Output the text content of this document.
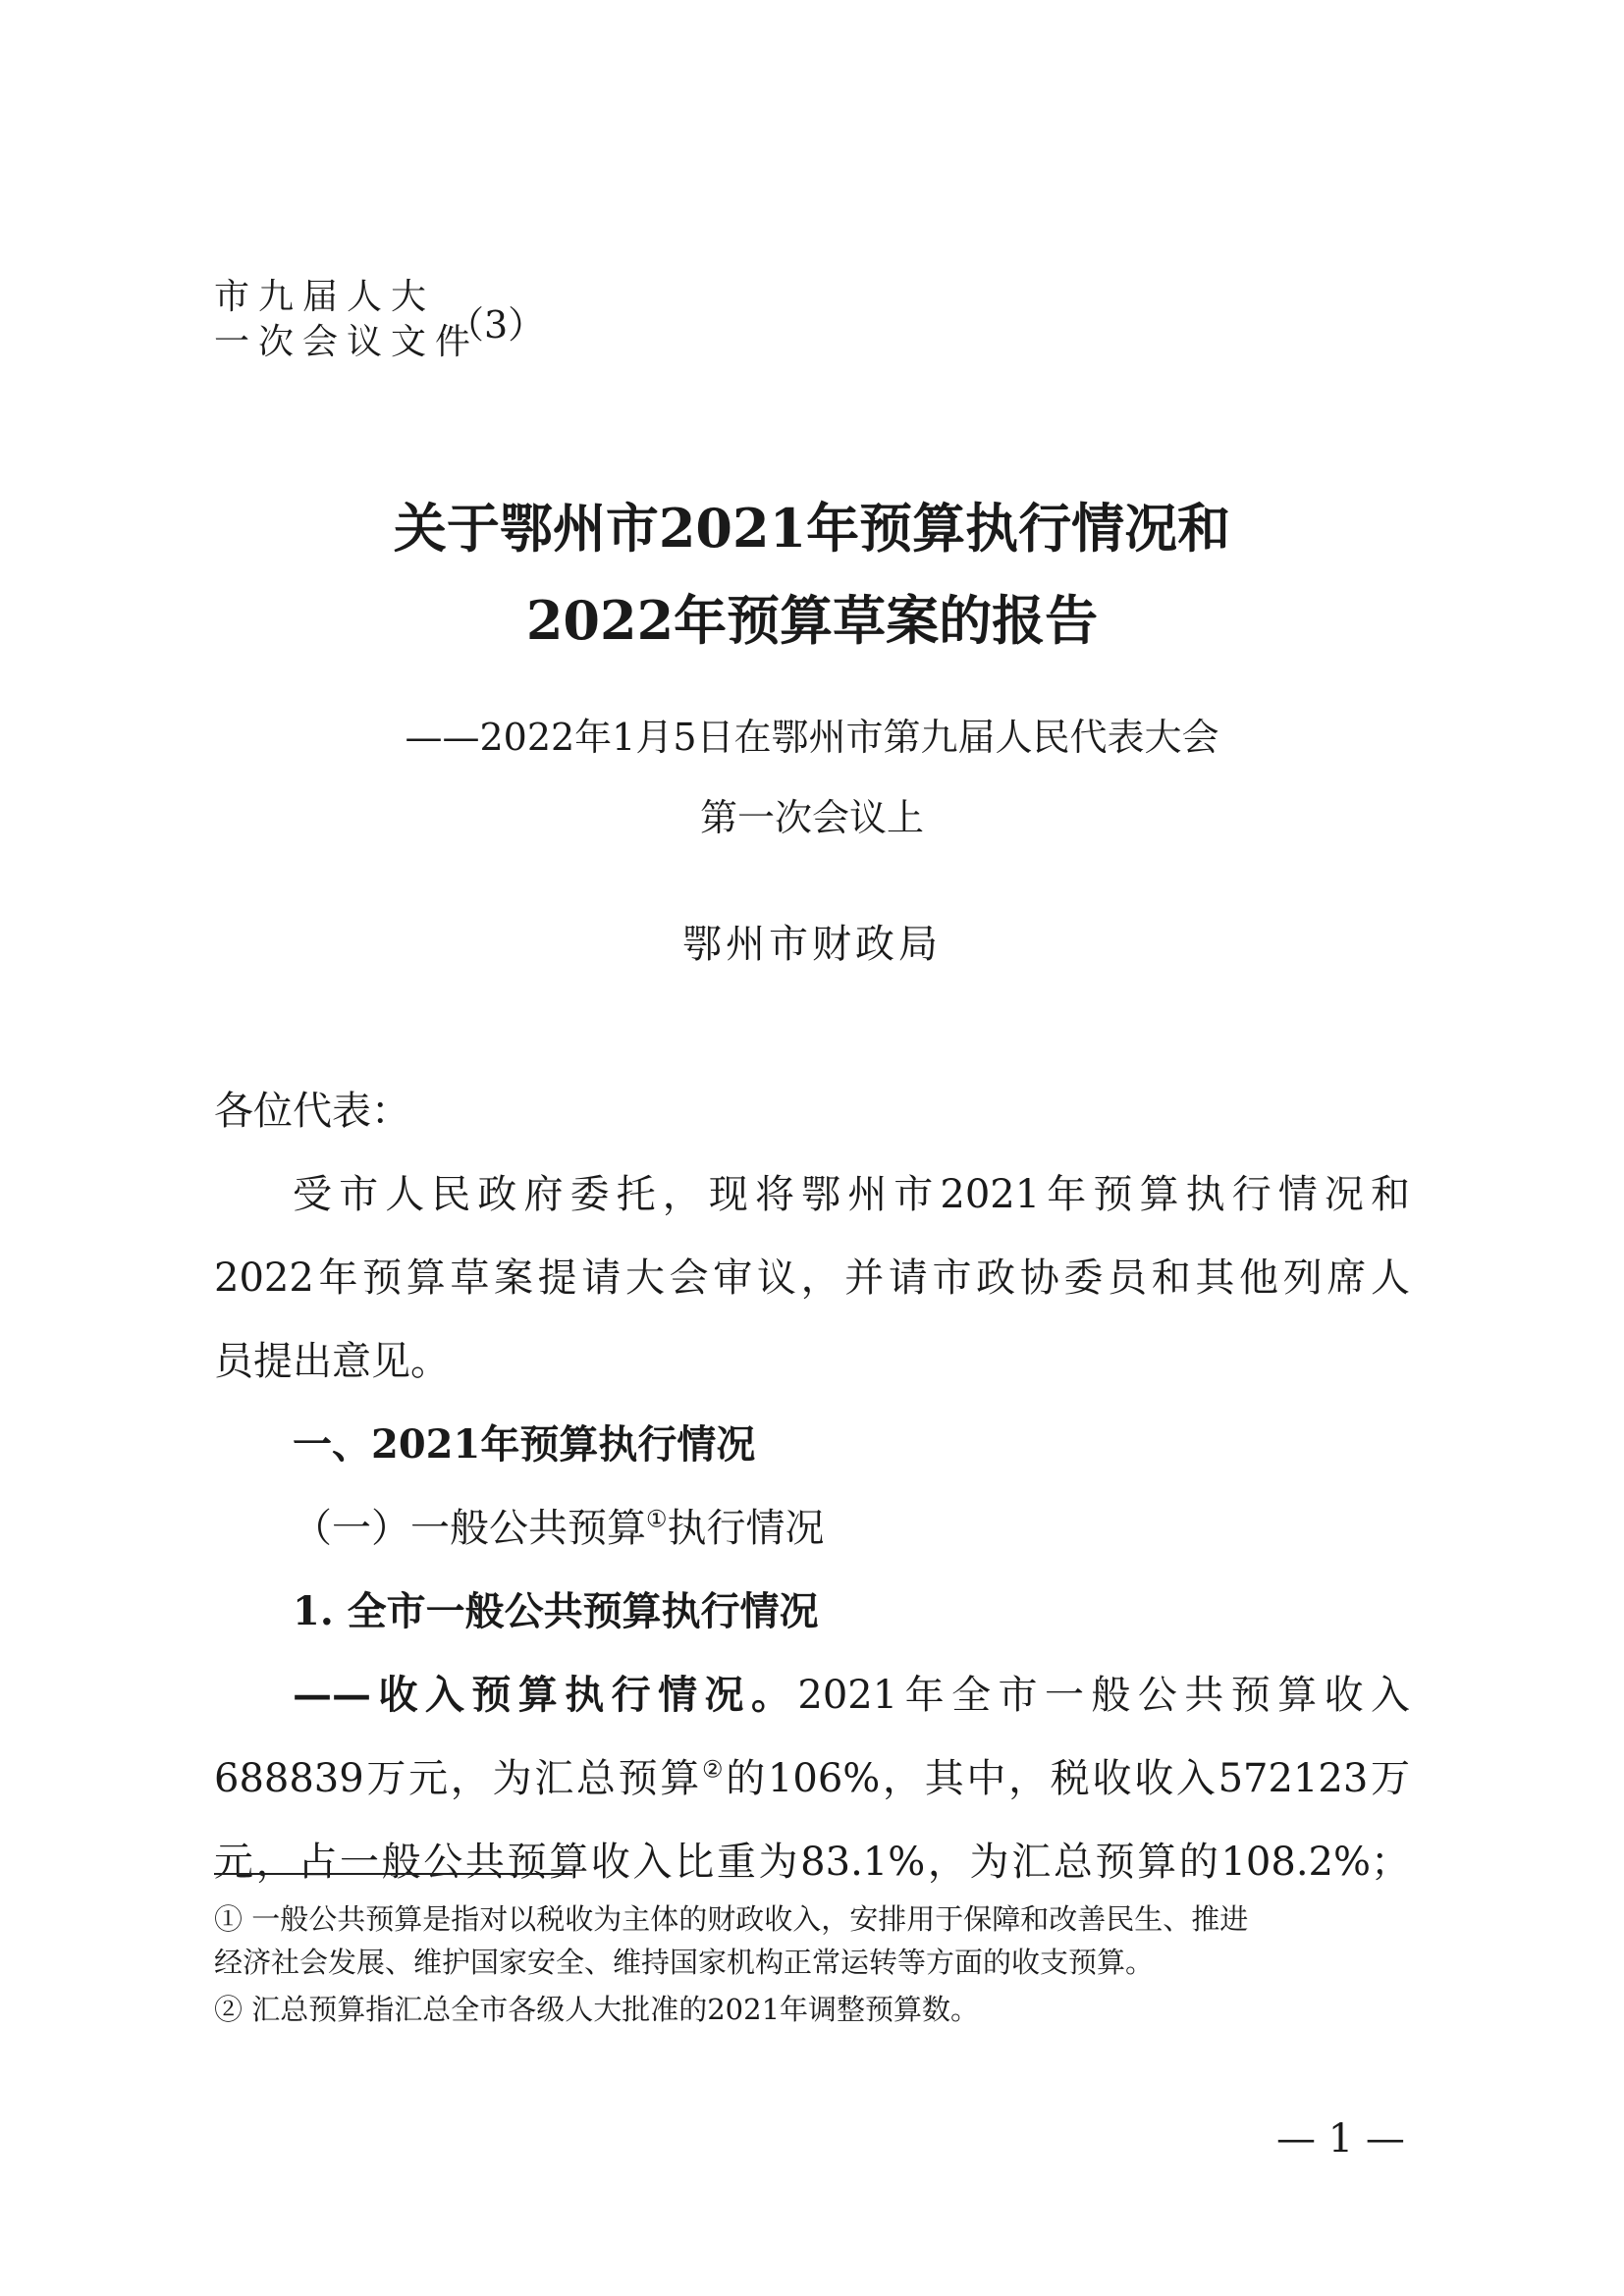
市九届人大
一次会议文件
（3）
关于鄂州市2021年预算执行情况和
2022年预算草案的报告
——2022年1月5日在鄂州市第九届人民代表大会
第一次会议上
鄂州市财政局
各位代表：
受市人民政府委托，现将鄂州市2021年预算执行情况和
2022年预算草案提请大会审议，并请市政协委员和其他列席人
员提出意见。
一、2021年预算执行情况
（一）一般公共预算①执行情况
1. 全市一般公共预算执行情况
——收入预算执行情况。2021年全市一般公共预算收入
688839万元，为汇总预算②的106%，其中，税收收入572123万
元，占一般公共预算收入比重为83.1%，为汇总预算的108.2%；
① 一般公共预算是指对以税收为主体的财政收入，安排用于保障和改善民生、推进
经济社会发展、维护国家安全、维持国家机构正常运转等方面的收支预算。
② 汇总预算指汇总全市各级人大批准的2021年调整预算数。
— 1 —
